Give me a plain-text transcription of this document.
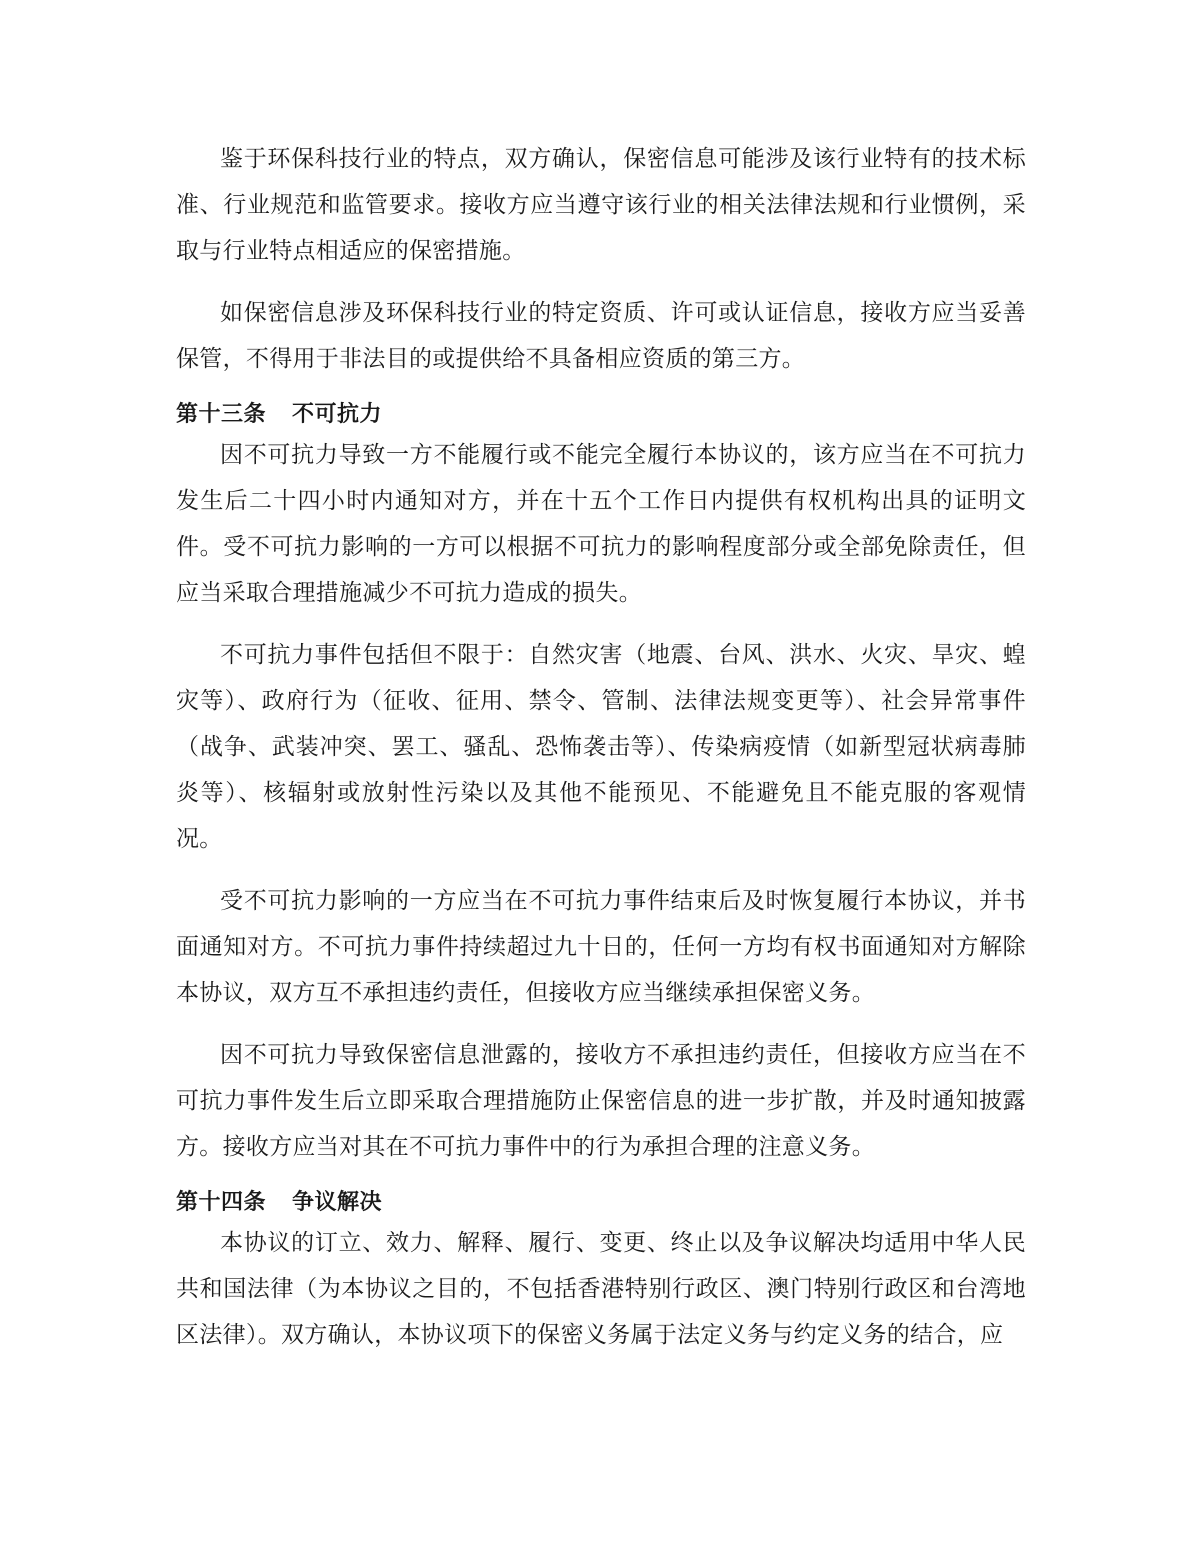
鉴于环保科技行业的特点，双方确认，保密信息可能涉及该行业特有的技术标准、行业规范和监管要求。接收方应当遵守该行业的相关法律法规和行业惯例，采取与行业特点相适应的保密措施。

如保密信息涉及环保科技行业的特定资质、许可或认证信息，接收方应当妥善保管，不得用于非法目的或提供给不具备相应资质的第三方。

第十三条 不可抗力

因不可抗力导致一方不能履行或不能完全履行本协议的，该方应当在不可抗力发生后二十四小时内通知对方，并在十五个工作日内提供有权机构出具的证明文件。受不可抗力影响的一方可以根据不可抗力的影响程度部分或全部免除责任，但应当采取合理措施减少不可抗力造成的损失。

不可抗力事件包括但不限于：自然灾害（地震、台风、洪水、火灾、旱灾、蝗灾等）、政府行为（征收、征用、禁令、管制、法律法规变更等）、社会异常事件（战争、武装冲突、罢工、骚乱、恐怖袭击等）、传染病疫情（如新型冠状病毒肺炎等）、核辐射或放射性污染以及其他不能预见、不能避免且不能克服的客观情况。

受不可抗力影响的一方应当在不可抗力事件结束后及时恢复履行本协议，并书面通知对方。不可抗力事件持续超过九十日的，任何一方均有权书面通知对方解除本协议，双方互不承担违约责任，但接收方应当继续承担保密义务。

因不可抗力导致保密信息泄露的，接收方不承担违约责任，但接收方应当在不可抗力事件发生后立即采取合理措施防止保密信息的进一步扩散，并及时通知披露方。接收方应当对其在不可抗力事件中的行为承担合理的注意义务。

第十四条 争议解决

本协议的订立、效力、解释、履行、变更、终止以及争议解决均适用中华人民共和国法律（为本协议之目的，不包括香港特别行政区、澳门特别行政区和台湾地区法律）。双方确认，本协议项下的保密义务属于法定义务与约定义务的结合，应
